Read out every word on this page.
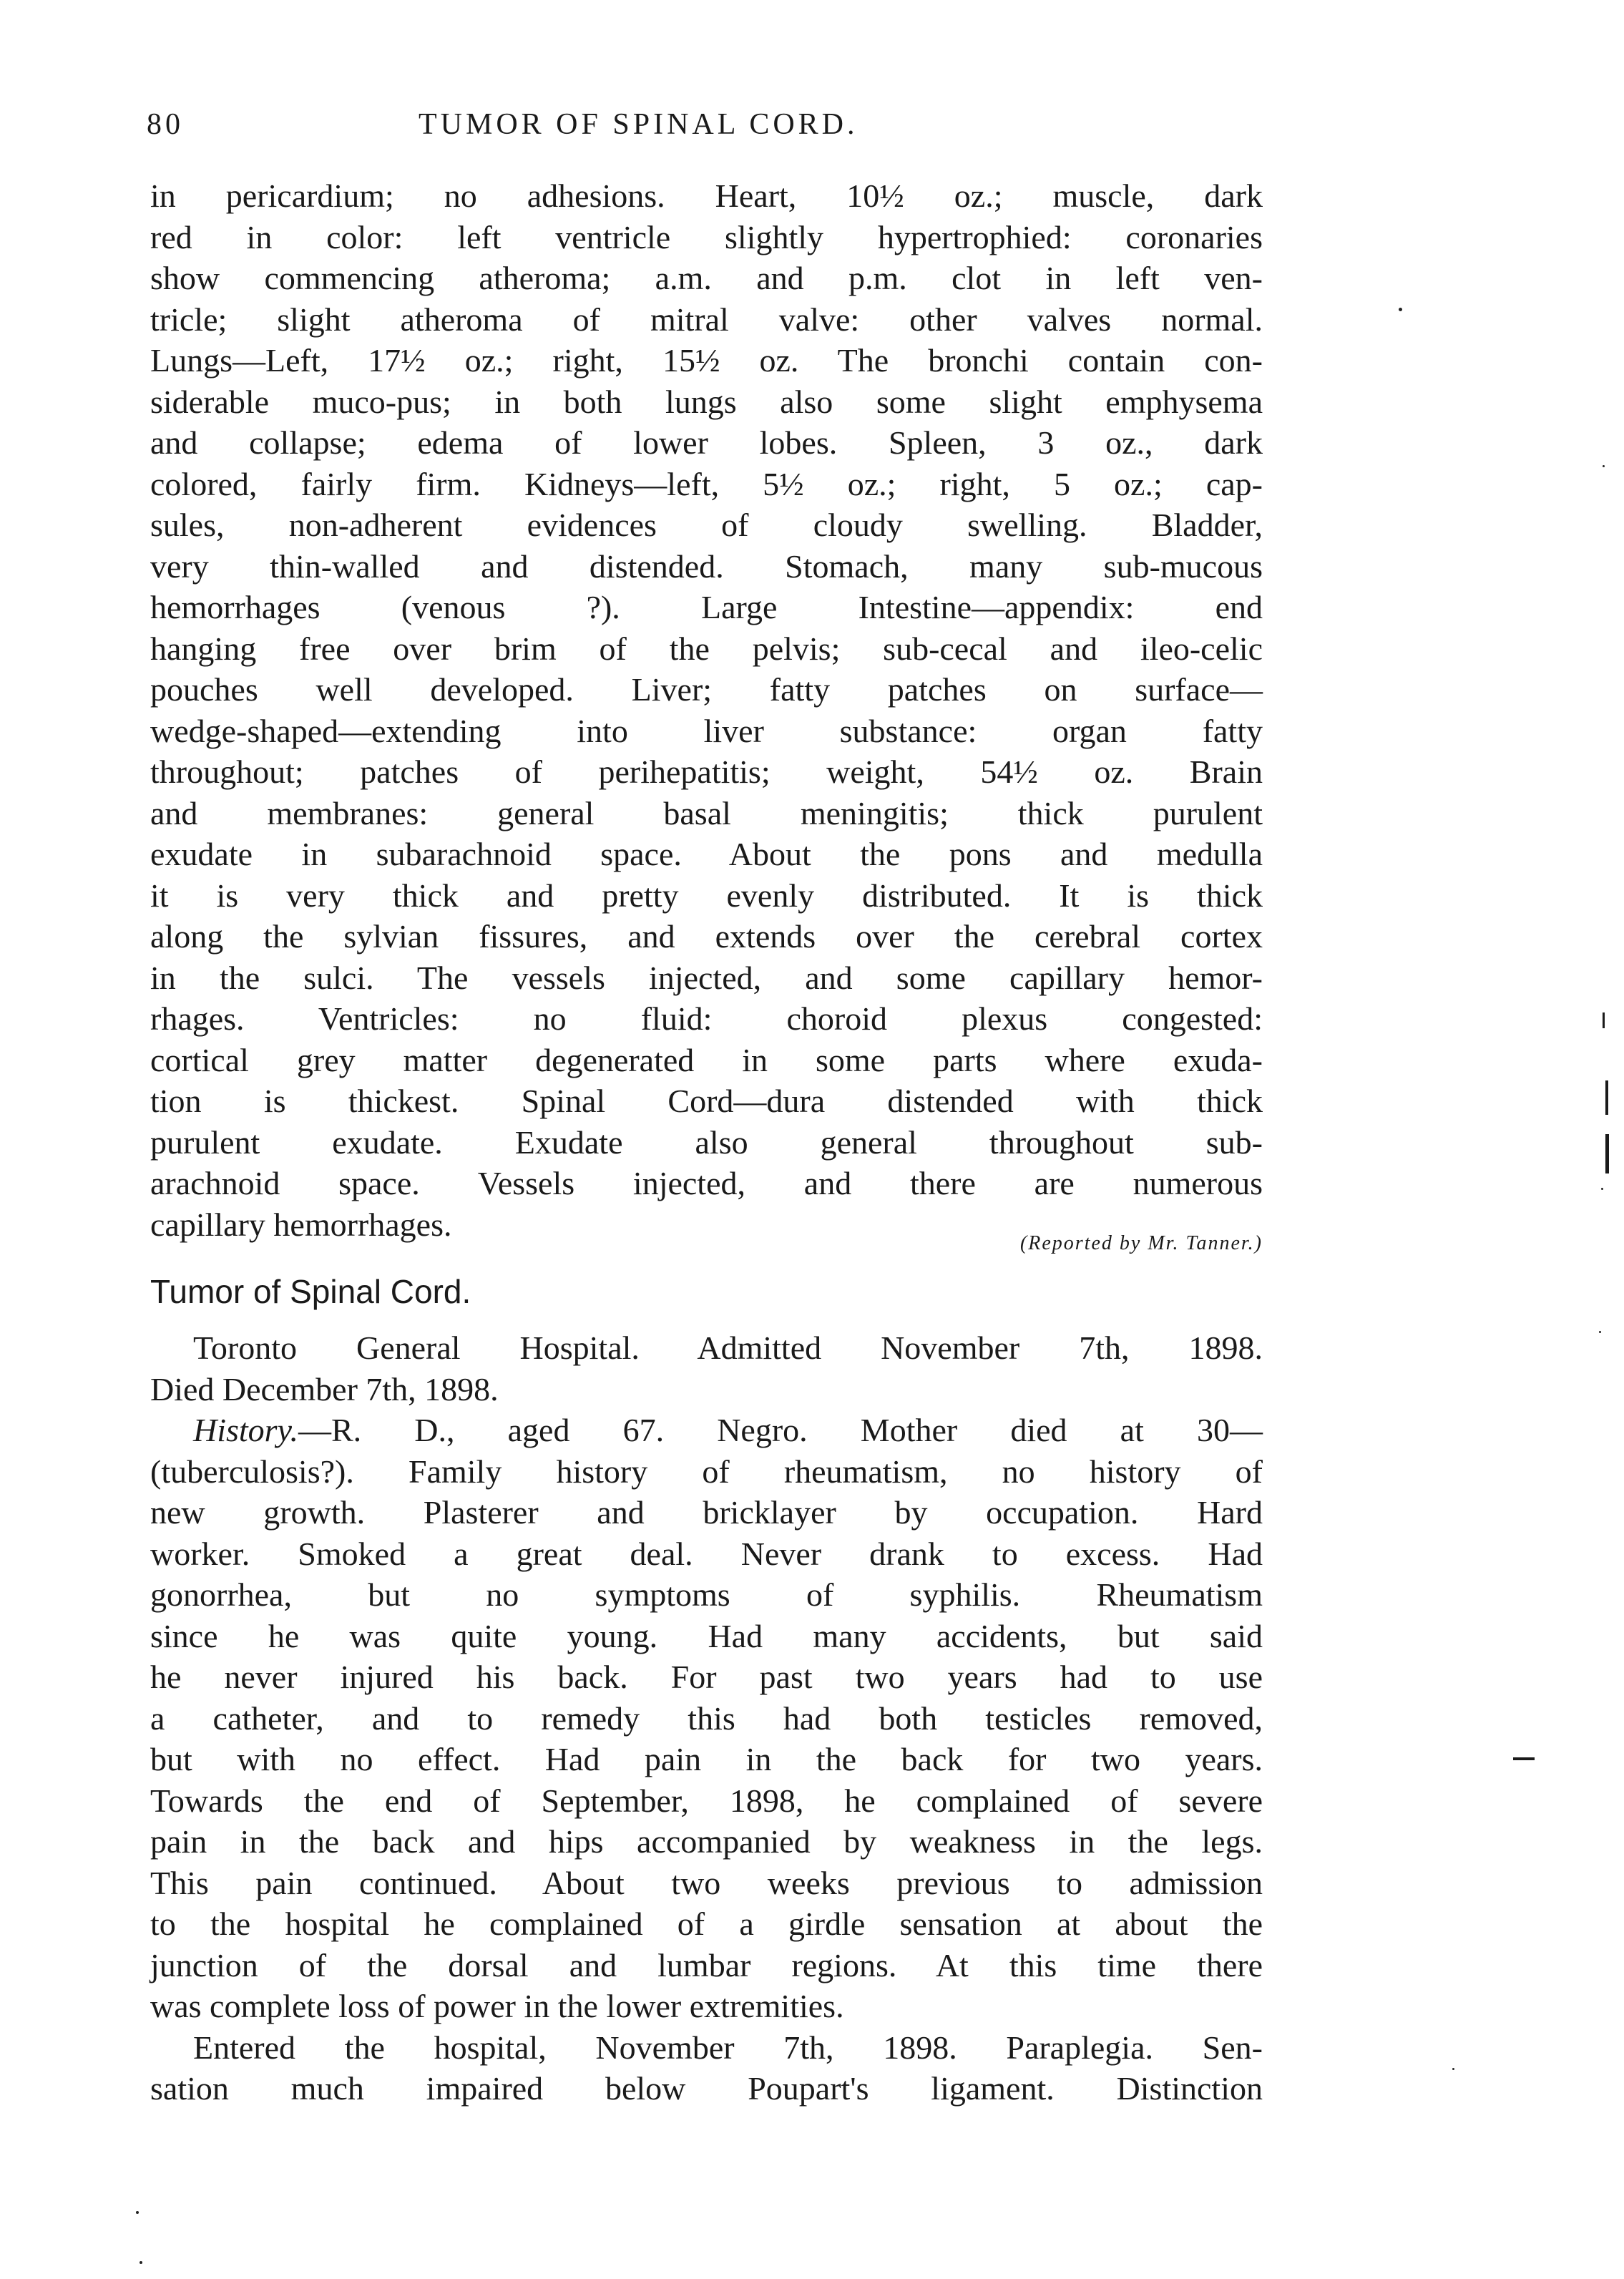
80	TUMOR OF SPINAL CORD.
in pericardium; no adhesions. Heart, 10½ oz.; muscle, dark
red in color: left ventricle slightly hypertrophied: coronaries
show commencing atheroma; a.m. and p.m. clot in left ven-
tricle; slight atheroma of mitral valve: other valves normal.
Lungs—Left, 17½ oz.; right, 15½ oz. The bronchi contain con-
siderable muco-pus; in both lungs also some slight emphysema
and collapse; edema of lower lobes. Spleen, 3 oz., dark
colored, fairly firm. Kidneys—left, 5½ oz.; right, 5 oz.; cap-
sules, non-adherent evidences of cloudy swelling. Bladder,
very thin-walled and distended. Stomach, many sub-mucous
hemorrhages (venous ?). Large Intestine—appendix: end
hanging free over brim of the pelvis; sub-cecal and ileo-celic
pouches well developed. Liver; fatty patches on surface—
wedge-shaped—extending into liver substance: organ fatty
throughout; patches of perihepatitis; weight, 54½ oz. Brain
and membranes: general basal meningitis; thick purulent
exudate in subarachnoid space. About the pons and medulla
it is very thick and pretty evenly distributed. It is thick
along the sylvian fissures, and extends over the cerebral cortex
in the sulci. The vessels injected, and some capillary hemor-
rhages. Ventricles: no fluid: choroid plexus congested:
cortical grey matter degenerated in some parts where exuda-
tion is thickest. Spinal Cord—dura distended with thick
purulent exudate. Exudate also general throughout sub-
arachnoid space. Vessels injected, and there are numerous
capillary hemorrhages.
(Reported by Mr. Tanner.)
Tumor of Spinal Cord.
Toronto General Hospital. Admitted November 7th, 1898.
Died December 7th, 1898.
History.—R. D., aged 67. Negro. Mother died at 30—
(tuberculosis?). Family history of rheumatism, no history of
new growth. Plasterer and bricklayer by occupation. Hard
worker. Smoked a great deal. Never drank to excess. Had
gonorrhea, but no symptoms of syphilis. Rheumatism
since he was quite young. Had many accidents, but said
he never injured his back. For past two years had to use
a catheter, and to remedy this had both testicles removed,
but with no effect. Had pain in the back for two years.
Towards the end of September, 1898, he complained of severe
pain in the back and hips accompanied by weakness in the legs.
This pain continued. About two weeks previous to admission
to the hospital he complained of a girdle sensation at about the
junction of the dorsal and lumbar regions. At this time there
was complete loss of power in the lower extremities.
Entered the hospital, November 7th, 1898. Paraplegia. Sen-
sation much impaired below Poupart's ligament. Distinction
